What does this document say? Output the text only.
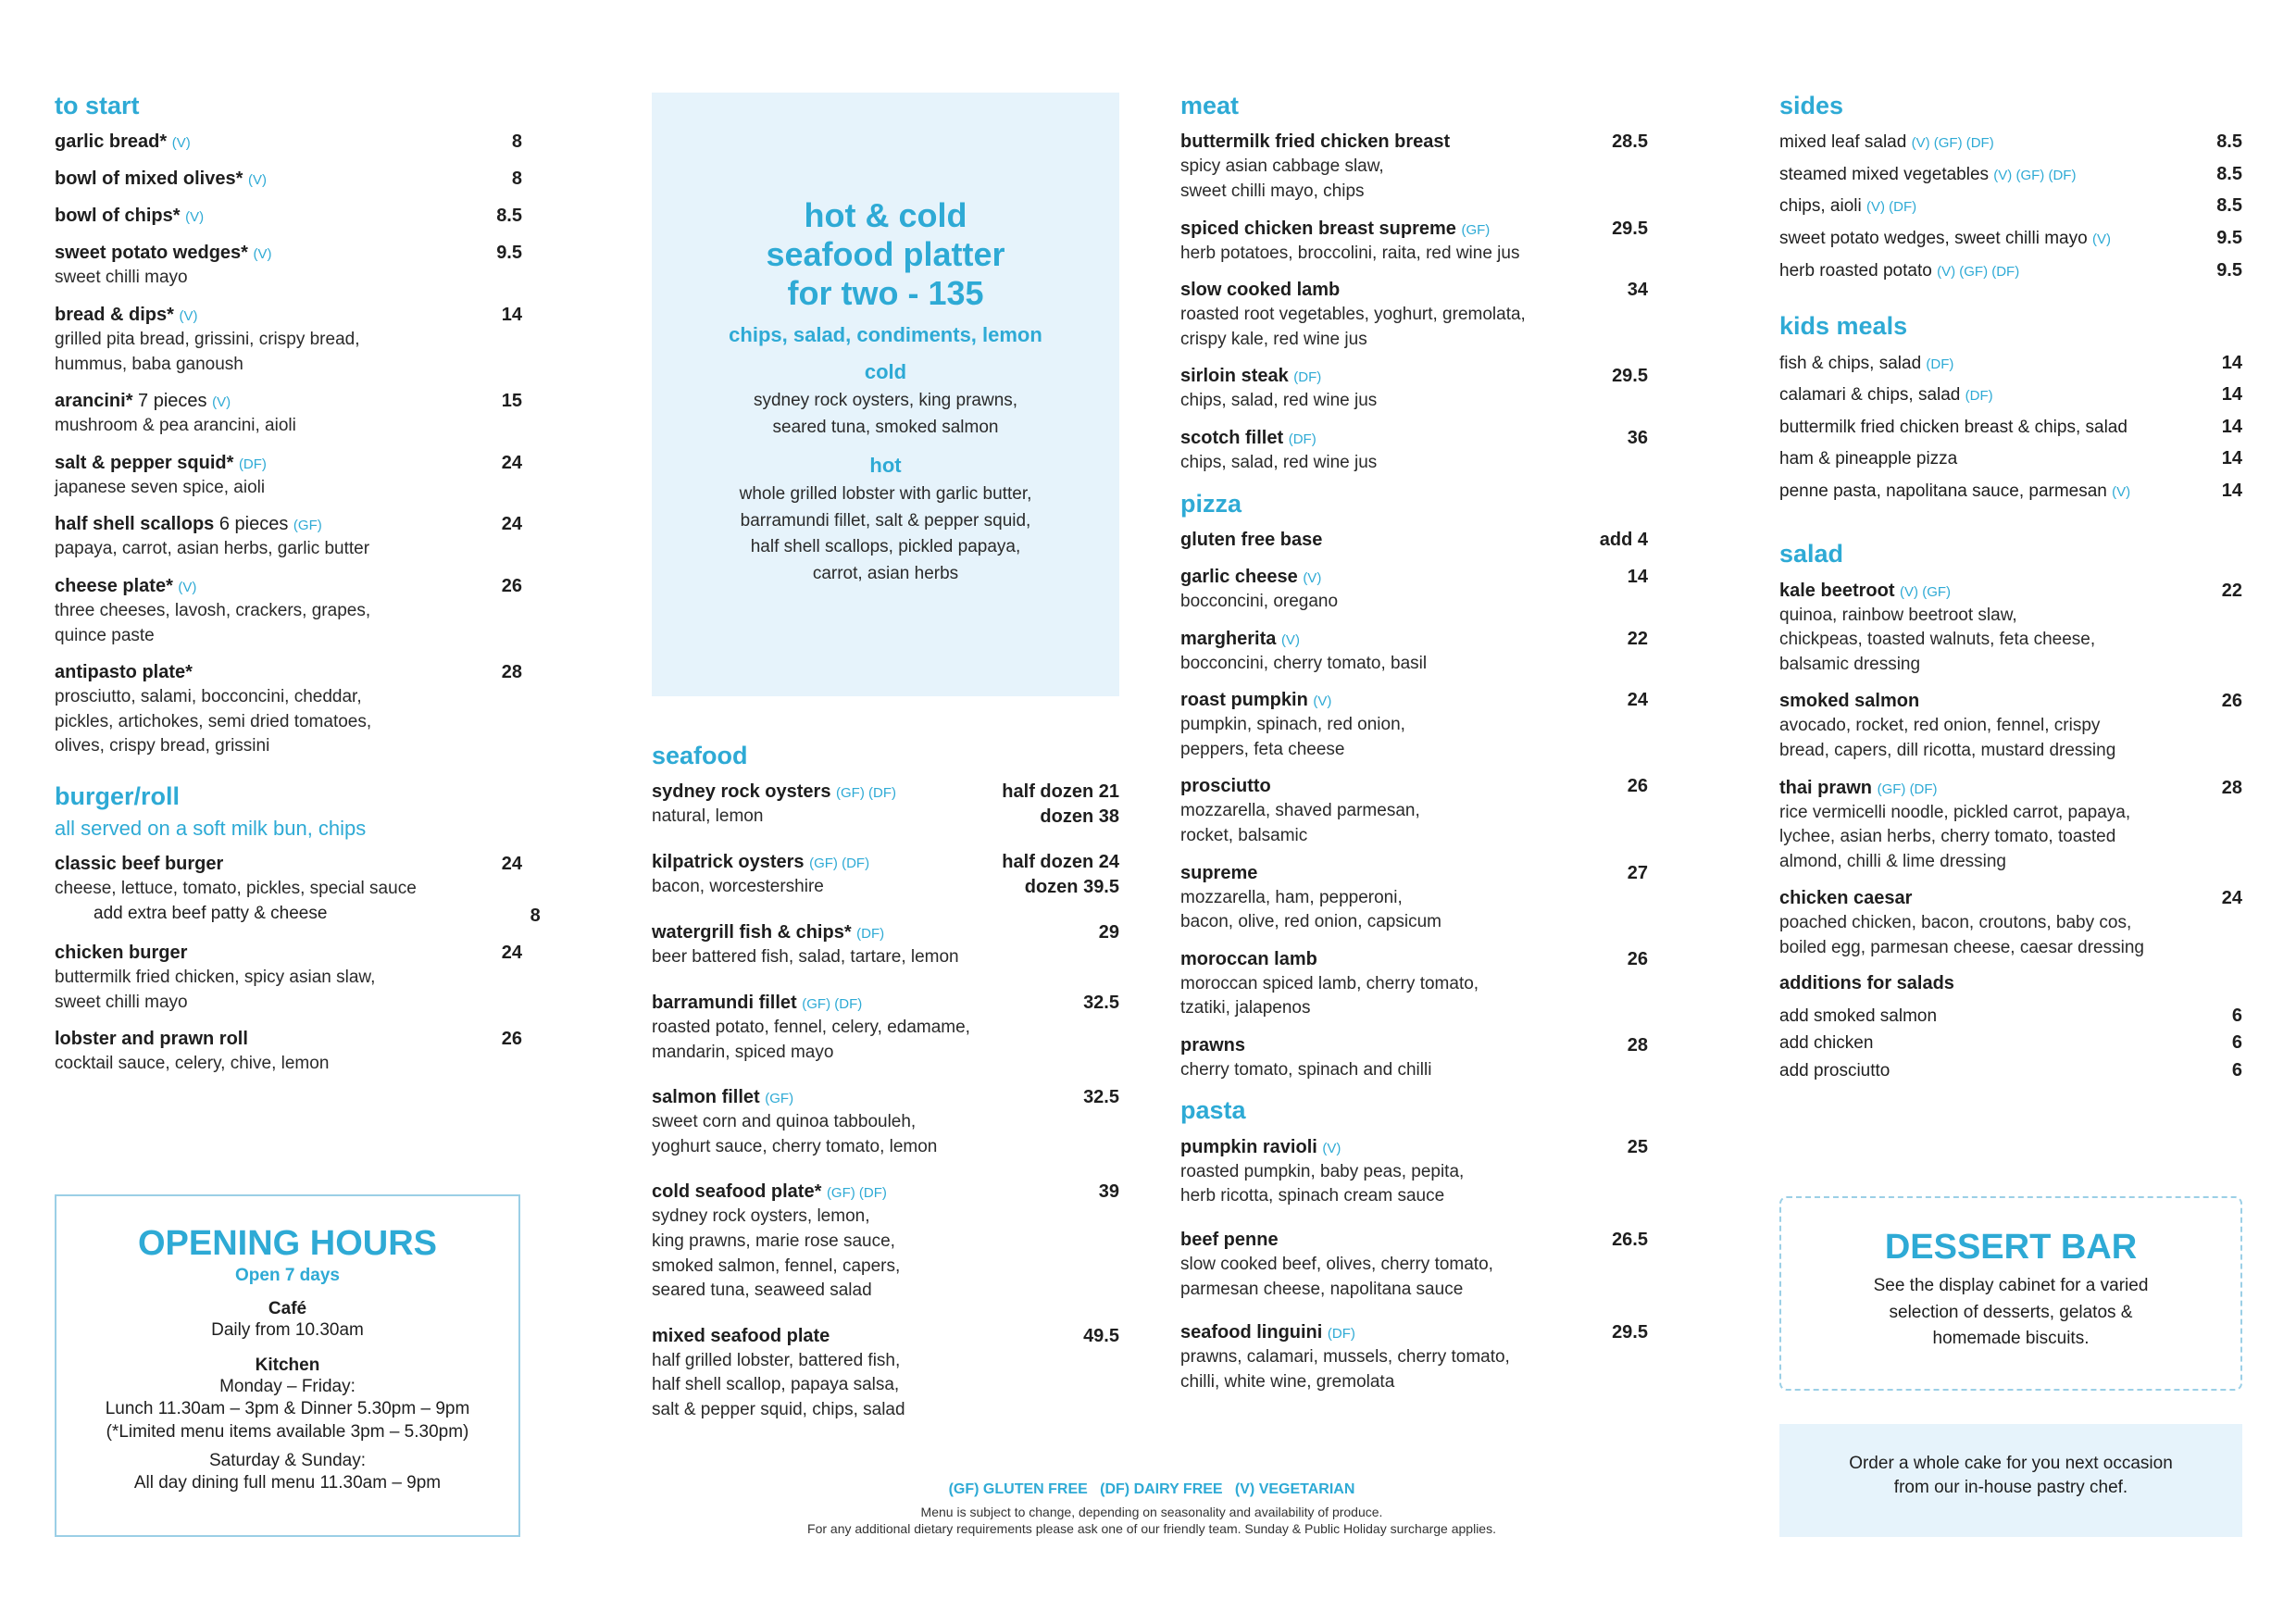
to start
garlic bread* (V)	8
bowl of mixed olives* (V)	8
bowl of chips* (V)	8.5
sweet potato wedges* (V)
sweet chilli mayo
9.5
bread & dips* (V)
grilled pita bread, grissini, crispy bread,
hummus, baba ganoush
14
arancini* 7 pieces (V)
mushroom & pea arancini, aioli
15
salt & pepper squid* (DF)
japanese seven spice, aioli
24
half shell scallops 6 pieces (GF)
papaya, carrot, asian herbs, garlic butter
24
cheese plate* (V)
three cheeses, lavosh, crackers, grapes,
quince paste
26
antipasto plate*
prosciutto, salami, bocconcini, cheddar,
pickles, artichokes, semi dried tomatoes,
olives, crispy bread, grissini
28
burger/roll
all served on a soft milk bun, chips
classic beef burger
cheese, lettuce, tomato, pickles, special sauce
add extra beef patty & cheese	8
24
chicken burger
buttermilk fried chicken, spicy asian slaw,
sweet chilli mayo
24
lobster and prawn roll
cocktail sauce, celery, chive, lemon
26
OPENING HOURS
Open 7 days
Café
Daily from 10.30am
Kitchen
Monday – Friday:
Lunch 11.30am – 3pm & Dinner 5.30pm – 9pm
(*Limited menu items available 3pm – 5.30pm)
Saturday & Sunday:
All day dining full menu 11.30am – 9pm
hot & cold
seafood platter
for two - 135
chips, salad, condiments, lemon
cold
sydney rock oysters, king prawns,
seared tuna, smoked salmon
hot
whole grilled lobster with garlic butter,
barramundi fillet, salt & pepper squid,
half shell scallops, pickled papaya,
carrot, asian herbs
seafood
sydney rock oysters (GF) (DF)
natural, lemon
half dozen 21
dozen 38
kilpatrick oysters (GF) (DF)
bacon, worcestershire
half dozen 24
dozen 39.5
watergrill fish & chips* (DF)
beer battered fish, salad, tartare, lemon
29
barramundi fillet (GF) (DF)
roasted potato, fennel, celery, edamame,
mandarin, spiced mayo
32.5
salmon fillet (GF)
sweet corn and quinoa tabbouleh,
yoghurt sauce, cherry tomato, lemon
32.5
cold seafood plate* (GF) (DF)
sydney rock oysters, lemon,
king prawns, marie rose sauce,
smoked salmon, fennel, capers,
seared tuna, seaweed salad
39
mixed seafood plate
half grilled lobster, battered fish,
half shell scallop, papaya salsa,
salt & pepper squid, chips, salad
49.5
(GF) GLUTEN FREE   (DF) DAIRY FREE   (V) VEGETARIAN
Menu is subject to change, depending on seasonality and availability of produce.
For any additional dietary requirements please ask one of our friendly team. Sunday & Public Holiday surcharge applies.
meat
buttermilk fried chicken breast
spicy asian cabbage slaw,
sweet chilli mayo, chips
28.5
spiced chicken breast supreme (GF)
herb potatoes, broccolini, raita, red wine jus
29.5
slow cooked lamb
roasted root vegetables, yoghurt, gremolata,
crispy kale, red wine jus
34
sirloin steak (DF)
chips, salad, red wine jus
29.5
scotch fillet (DF)
chips, salad, red wine jus
36
pizza
gluten free base	add 4
garlic cheese (V)
bocconcini, oregano
14
margherita (V)
bocconcini, cherry tomato, basil
22
roast pumpkin (V)
pumpkin, spinach, red onion,
peppers, feta cheese
24
prosciutto
mozzarella, shaved parmesan,
rocket, balsamic
26
supreme
mozzarella, ham, pepperoni,
bacon, olive, red onion, capsicum
27
moroccan lamb
moroccan spiced lamb, cherry tomato,
tzatiki, jalapenos
26
prawns
cherry tomato, spinach and chilli
28
pasta
pumpkin ravioli (V)
roasted pumpkin, baby peas, pepita,
herb ricotta, spinach cream sauce
25
beef penne
slow cooked beef, olives, cherry tomato,
parmesan cheese, napolitana sauce
26.5
seafood linguini (DF)
prawns, calamari, mussels, cherry tomato,
chilli, white wine, gremolata
29.5
sides
mixed leaf salad (V) (GF) (DF)	8.5
steamed mixed vegetables (V) (GF) (DF)	8.5
chips, aioli (V) (DF)	8.5
sweet potato wedges, sweet chilli mayo (V)	9.5
herb roasted potato (V) (GF) (DF)	9.5
kids meals
fish & chips, salad (DF)	14
calamari & chips, salad (DF)	14
buttermilk fried chicken breast & chips, salad	14
ham & pineapple pizza	14
penne pasta, napolitana sauce, parmesan (V)	14
salad
kale beetroot (V) (GF)
quinoa, rainbow beetroot slaw,
chickpeas, toasted walnuts, feta cheese,
balsamic dressing
22
smoked salmon
avocado, rocket, red onion, fennel, crispy
bread, capers, dill ricotta, mustard dressing
26
thai prawn (GF) (DF)
rice vermicelli noodle, pickled carrot, papaya,
lychee, asian herbs, cherry tomato, toasted
almond, chilli & lime dressing
28
chicken caesar
poached chicken, bacon, croutons, baby cos,
boiled egg, parmesan cheese, caesar dressing
24
additions for salads
add smoked salmon	6
add chicken	6
add prosciutto	6
DESSERT BAR
See the display cabinet for a varied
selection of desserts, gelatos &
homemade biscuits.
Order a whole cake for you next occasion
from our in-house pastry chef.
